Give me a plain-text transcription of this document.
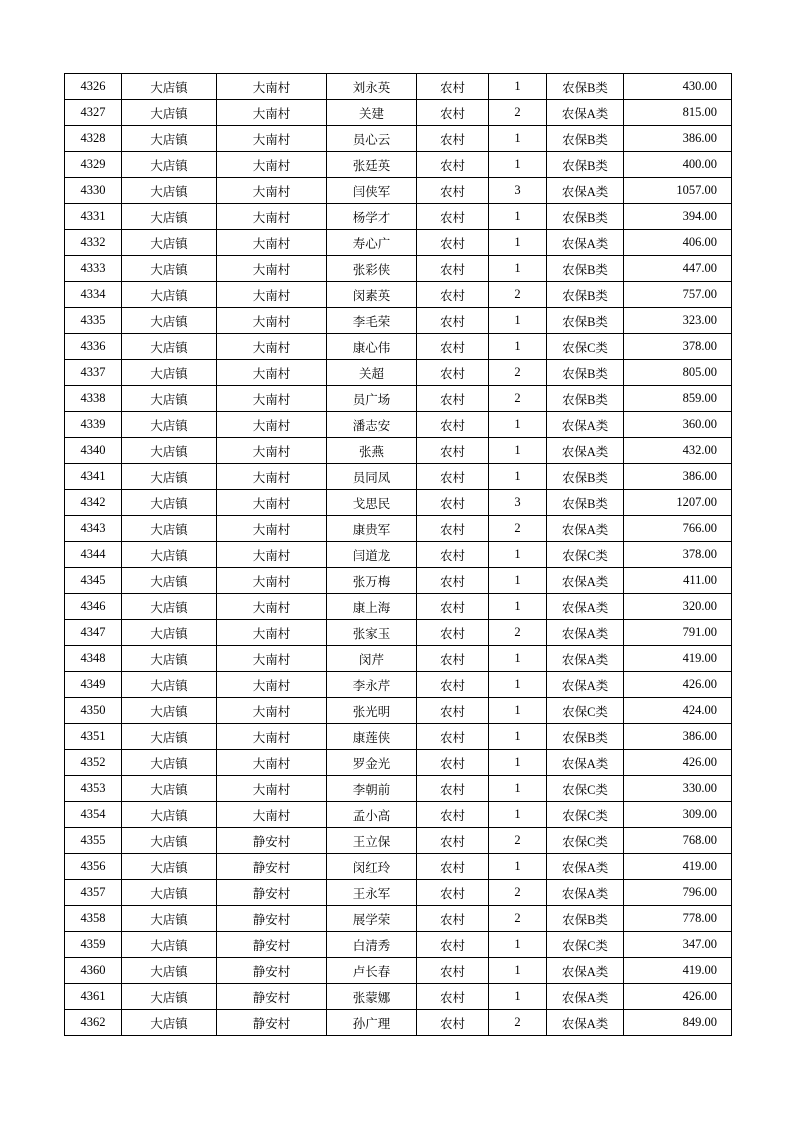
4326	大店镇	大南村	刘永英	农村	1	农保B类	430.00
4327	大店镇	大南村	关建	农村	2	农保A类	815.00
4328	大店镇	大南村	员心云	农村	1	农保B类	386.00
4329	大店镇	大南村	张廷英	农村	1	农保B类	400.00
4330	大店镇	大南村	闫侠军	农村	3	农保A类	1057.00
4331	大店镇	大南村	杨学才	农村	1	农保B类	394.00
4332	大店镇	大南村	寿心广	农村	1	农保A类	406.00
4333	大店镇	大南村	张彩侠	农村	1	农保B类	447.00
4334	大店镇	大南村	闵素英	农村	2	农保B类	757.00
4335	大店镇	大南村	李毛荣	农村	1	农保B类	323.00
4336	大店镇	大南村	康心伟	农村	1	农保C类	378.00
4337	大店镇	大南村	关超	农村	2	农保B类	805.00
4338	大店镇	大南村	员广场	农村	2	农保B类	859.00
4339	大店镇	大南村	潘志安	农村	1	农保A类	360.00
4340	大店镇	大南村	张燕	农村	1	农保A类	432.00
4341	大店镇	大南村	员同凤	农村	1	农保B类	386.00
4342	大店镇	大南村	戈思民	农村	3	农保B类	1207.00
4343	大店镇	大南村	康贵军	农村	2	农保A类	766.00
4344	大店镇	大南村	闫道龙	农村	1	农保C类	378.00
4345	大店镇	大南村	张万梅	农村	1	农保A类	411.00
4346	大店镇	大南村	康上海	农村	1	农保A类	320.00
4347	大店镇	大南村	张家玉	农村	2	农保A类	791.00
4348	大店镇	大南村	闵芹	农村	1	农保A类	419.00
4349	大店镇	大南村	李永芹	农村	1	农保A类	426.00
4350	大店镇	大南村	张光明	农村	1	农保C类	424.00
4351	大店镇	大南村	康莲侠	农村	1	农保B类	386.00
4352	大店镇	大南村	罗金光	农村	1	农保A类	426.00
4353	大店镇	大南村	李朝前	农村	1	农保C类	330.00
4354	大店镇	大南村	孟小高	农村	1	农保C类	309.00
4355	大店镇	静安村	王立保	农村	2	农保C类	768.00
4356	大店镇	静安村	闵红玲	农村	1	农保A类	419.00
4357	大店镇	静安村	王永军	农村	2	农保A类	796.00
4358	大店镇	静安村	展学荣	农村	2	农保B类	778.00
4359	大店镇	静安村	白清秀	农村	1	农保C类	347.00
4360	大店镇	静安村	卢长春	农村	1	农保A类	419.00
4361	大店镇	静安村	张蒙娜	农村	1	农保A类	426.00
4362	大店镇	静安村	孙广理	农村	2	农保A类	849.00
